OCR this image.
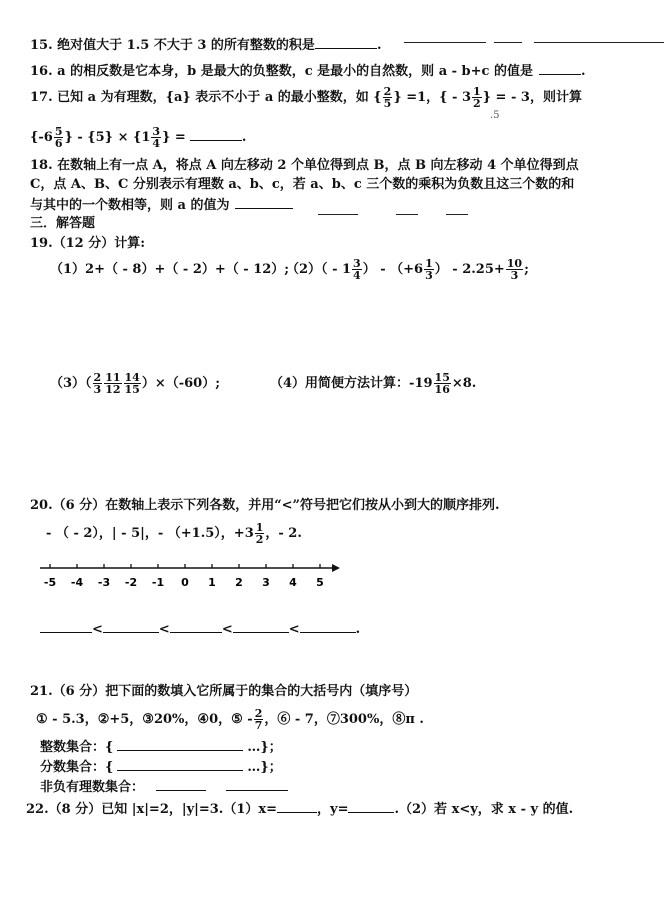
15. 绝对值大于 1.5 不大于 3 的所有整数的积是	.
16. a 的相反数是它本身，b 是最大的负整数，c 是最小的自然数，则 a - b+c 的值是	.
17. 已知 a 为有理数，{a} 表示不小于 a 的最小整数，如 { $\frac{2}{5}$ } =1，{ - $3 \frac{1}{2}$ } = - 3，则计算
.5
{$-6 \frac{5}{6}$ } - $\{5\} \times \{1 \frac{3}{4}$ } =	.
18. 在数轴上有一点 A，将点 A 向左移动 2 个单位得到点 B，点 B 向左移动 4 个单位得到点
C，点 A、B、C 分别表示有理数 a、b、c，若 a、b、c 三个数的乘积为负数且这三个数的和
与其中的一个数相等，则 a 的值为
三．解答题
19.（12 分）计算:
（1）2+（ - 8）+（ - 2）+（ - 12）;
$(2)( - 1 \frac{3}{4}$ ） - （$+6 \frac{1}{3}$ ） - $2.25+ \frac{10}{3}$ ;
$(3)( \frac{2}{3} \frac{11}{12} \frac{14}{15} )\times(-60)$;	（4）用简便方法计算：$-19 \frac{15}{16} \times 8$.
20.（6 分）在数轴上表示下列各数，并用“<”符号把它们按从小到大的顺序排列.
- （ - 2），| - 5|，- （+1.5），$+3 \frac{1}{2}$ ，- 2.
-5 -4 -3 -2 -1 0 1 2 3 4 5
<	<	<	<	.
21.（6 分）把下面的数填入它所属于的集合的大括号内（填序号）
① - 5.3，②+5，③20%，④0，⑤ - $\frac{2}{7}$ ，⑥ - 7，⑦300%，⑧π .
整数集合：{	…}；
分数集合：{	…}；
非负有理数集合：
22.（8 分）已知 |x|=2，|y|=3.（1）x=	，y=	.（2）若 x<y，求 x - y 的值.
